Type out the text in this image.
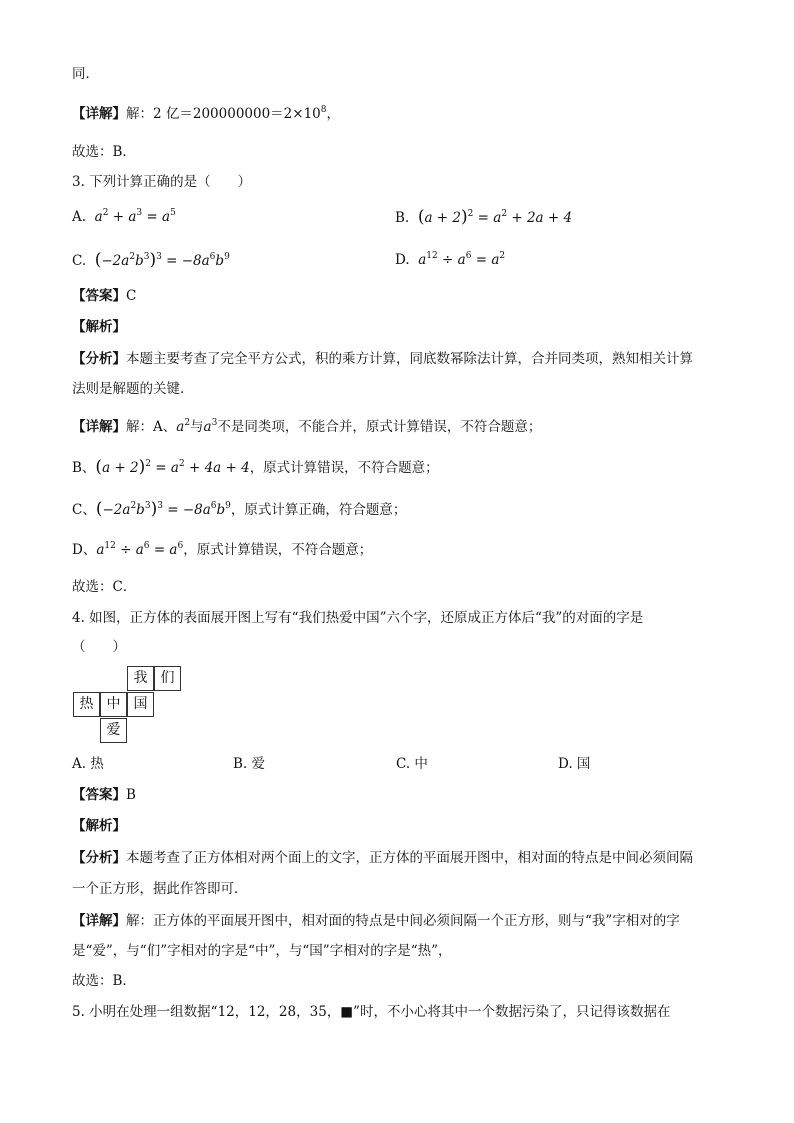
同．
【详解】解：2 亿$=200000000=2\times 10^8$，
故选：B．
3. 下列计算正确的是（　　）
A. $a^2 + a^3 = a^5$	B. $(a + 2)^2 = a^2 + 2a + 4$
C. $(-2a^2b^3)^3 = -8a^6b^9$	D. $a^{12} \div a^6 = a^2$
【答案】C
【解析】
【分析】本题主要考查了完全平方公式，积的乘方计算，同底数幂除法计算，合并同类项，熟知相关计算
法则是解题的关键．
【详解】解：A、$a^2$与$a^3$不是同类项，不能合并，原式计算错误，不符合题意；
B、$(a + 2)^2 = a^2 + 4a + 4$，原式计算错误，不符合题意；
C、$(-2a^2b^3)^3 = -8a^6b^9$，原式计算正确，符合题意；
D、$a^{12} \div a^6 = a^6$，原式计算错误，不符合题意；
故选：C．
4. 如图，正方体的表面展开图上写有“我们热爱中国”六个字，还原成正方体后“我”的对面的字是
（　　）
我 们
热 中 国
爱
A. 热	B. 爱	C. 中	D. 国
【答案】B
【解析】
【分析】本题考查了正方体相对两个面上的文字，正方体的平面展开图中，相对面的特点是中间必须间隔
一个正方形，据此作答即可．
【详解】解：正方体的平面展开图中，相对面的特点是中间必须间隔一个正方形，则与“我”字相对的字
是“爱”，与“们”字相对的字是“中”，与“国”字相对的字是“热”，
故选：B．
5. 小明在处理一组数据“12，12，28，35，■”时，不小心将其中一个数据污染了，只记得该数据在
